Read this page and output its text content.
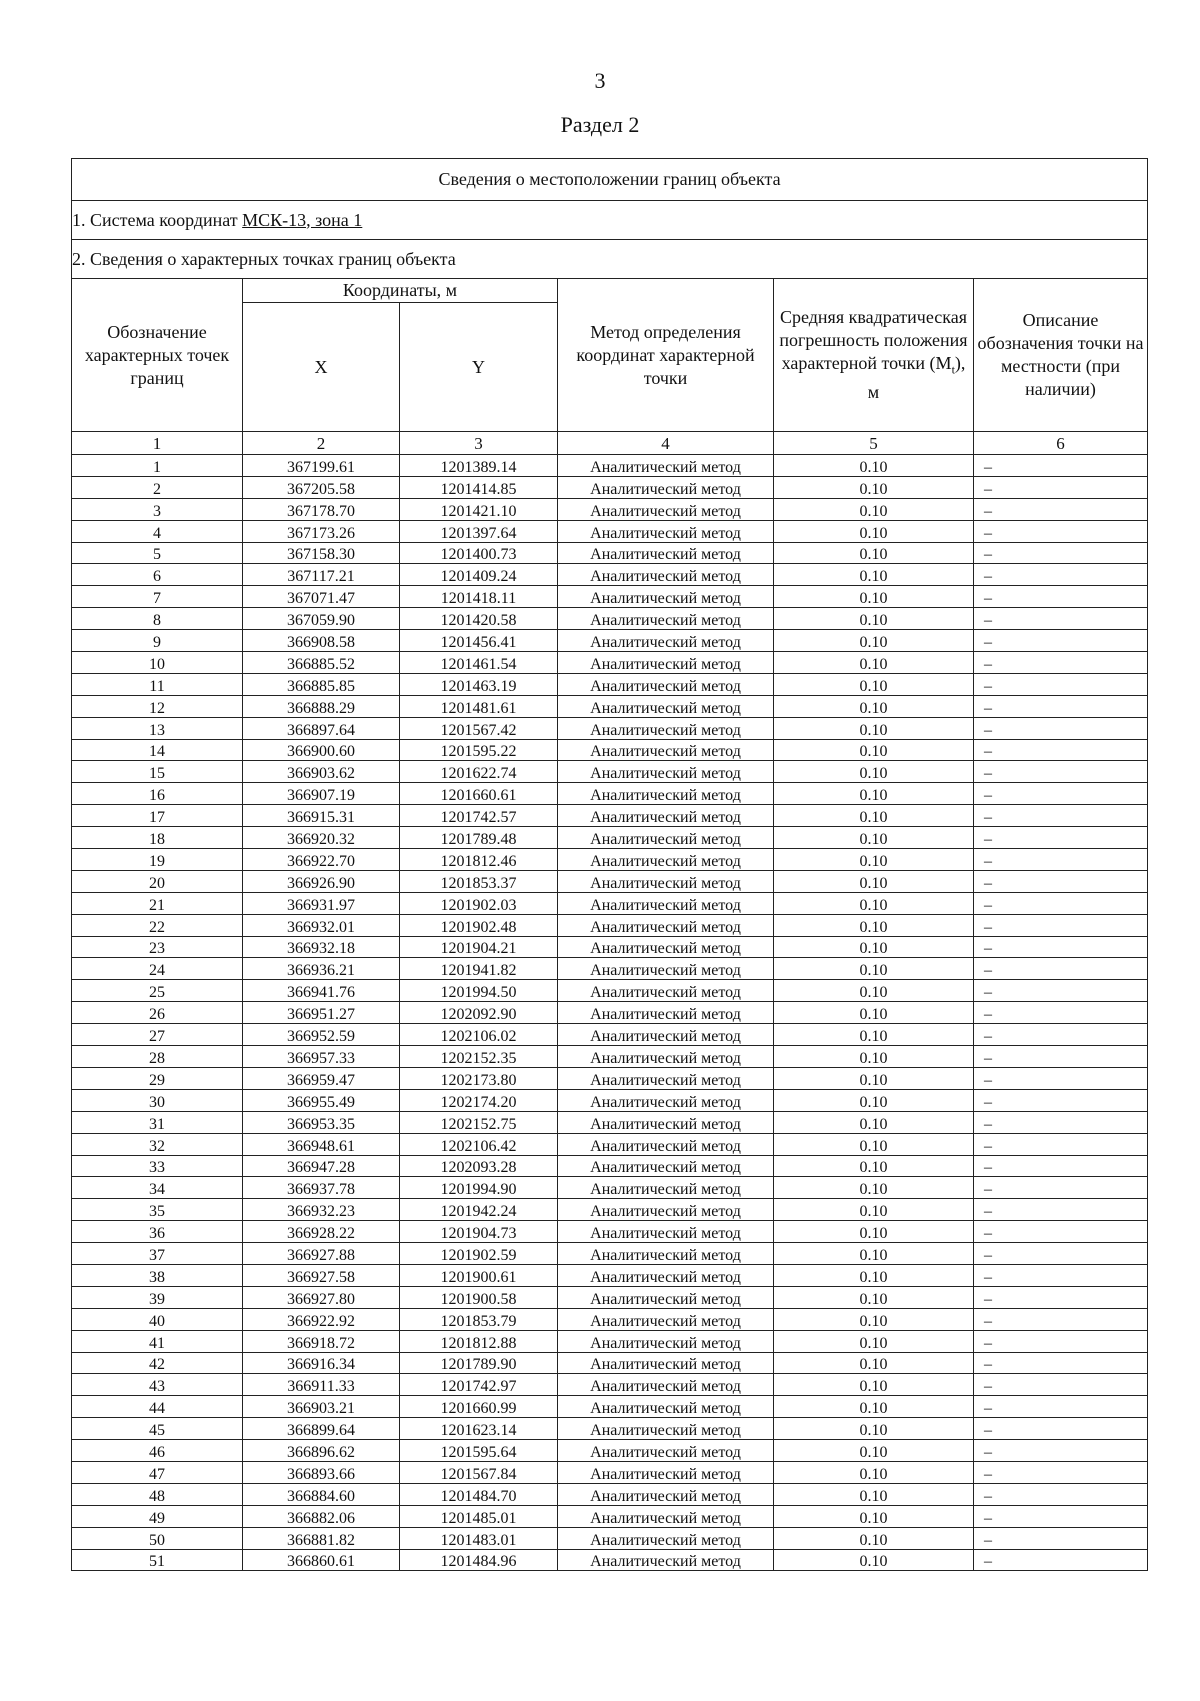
3
Раздел 2
Сведения о местоположении границ объекта					
1. Система координат МСК-13, зона 1					
2. Сведения о характерных точках границ объекта					
Обозначение характерных точек границ	Координаты, м		Метод определения координат характерной точки	Средняя квадратическая погрешность положения характерной точки $(M_t)$, м	Описание обозначения точки на местности (при наличии)
	X	Y			
1	2	3	4	5	6
1	367199.61	1201389.14	Аналитический метод	0.10	–
2	367205.58	1201414.85	Аналитический метод	0.10	–
3	367178.70	1201421.10	Аналитический метод	0.10	–
4	367173.26	1201397.64	Аналитический метод	0.10	–
5	367158.30	1201400.73	Аналитический метод	0.10	–
6	367117.21	1201409.24	Аналитический метод	0.10	–
7	367071.47	1201418.11	Аналитический метод	0.10	–
8	367059.90	1201420.58	Аналитический метод	0.10	–
9	366908.58	1201456.41	Аналитический метод	0.10	–
10	366885.52	1201461.54	Аналитический метод	0.10	–
11	366885.85	1201463.19	Аналитический метод	0.10	–
12	366888.29	1201481.61	Аналитический метод	0.10	–
13	366897.64	1201567.42	Аналитический метод	0.10	–
14	366900.60	1201595.22	Аналитический метод	0.10	–
15	366903.62	1201622.74	Аналитический метод	0.10	–
16	366907.19	1201660.61	Аналитический метод	0.10	–
17	366915.31	1201742.57	Аналитический метод	0.10	–
18	366920.32	1201789.48	Аналитический метод	0.10	–
19	366922.70	1201812.46	Аналитический метод	0.10	–
20	366926.90	1201853.37	Аналитический метод	0.10	–
21	366931.97	1201902.03	Аналитический метод	0.10	–
22	366932.01	1201902.48	Аналитический метод	0.10	–
23	366932.18	1201904.21	Аналитический метод	0.10	–
24	366936.21	1201941.82	Аналитический метод	0.10	–
25	366941.76	1201994.50	Аналитический метод	0.10	–
26	366951.27	1202092.90	Аналитический метод	0.10	–
27	366952.59	1202106.02	Аналитический метод	0.10	–
28	366957.33	1202152.35	Аналитический метод	0.10	–
29	366959.47	1202173.80	Аналитический метод	0.10	–
30	366955.49	1202174.20	Аналитический метод	0.10	–
31	366953.35	1202152.75	Аналитический метод	0.10	–
32	366948.61	1202106.42	Аналитический метод	0.10	–
33	366947.28	1202093.28	Аналитический метод	0.10	–
34	366937.78	1201994.90	Аналитический метод	0.10	–
35	366932.23	1201942.24	Аналитический метод	0.10	–
36	366928.22	1201904.73	Аналитический метод	0.10	–
37	366927.88	1201902.59	Аналитический метод	0.10	–
38	366927.58	1201900.61	Аналитический метод	0.10	–
39	366927.80	1201900.58	Аналитический метод	0.10	–
40	366922.92	1201853.79	Аналитический метод	0.10	–
41	366918.72	1201812.88	Аналитический метод	0.10	–
42	366916.34	1201789.90	Аналитический метод	0.10	–
43	366911.33	1201742.97	Аналитический метод	0.10	–
44	366903.21	1201660.99	Аналитический метод	0.10	–
45	366899.64	1201623.14	Аналитический метод	0.10	–
46	366896.62	1201595.64	Аналитический метод	0.10	–
47	366893.66	1201567.84	Аналитический метод	0.10	–
48	366884.60	1201484.70	Аналитический метод	0.10	–
49	366882.06	1201485.01	Аналитический метод	0.10	–
50	366881.82	1201483.01	Аналитический метод	0.10	–
51	366860.61	1201484.96	Аналитический метод	0.10	–
